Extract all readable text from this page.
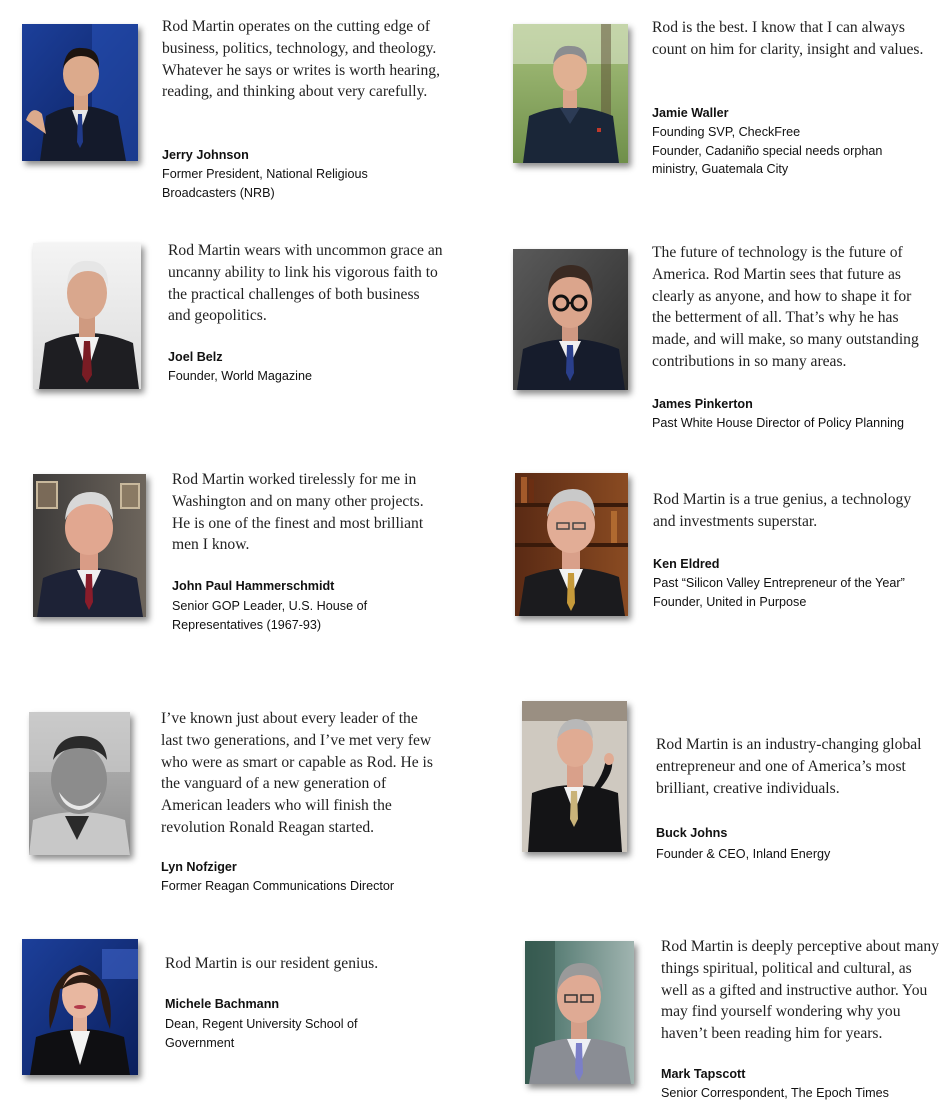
Rod Martin operates on the cutting edge of business, politics, technology, and theology. Whatever he says or writes is worth hearing, reading, and thinking about very carefully.

Jerry Johnson

Former President, National Religious Broadcasters (NRB)

Rod is the best. I know that I can always count on him for clarity, insight and values.

Jamie Waller

Founding SVP, CheckFree
Founder, Cadaniño special needs orphan ministry, Guatemala City

Rod Martin wears with uncommon grace an uncanny ability to link his vigorous faith to the practical challenges of both business and geopolitics.

Joel Belz

Founder, World Magazine

The future of technology is the future of America. Rod Martin sees that future as clearly as anyone, and how to shape it for the betterment of all. That’s why he has made, and will make, so many outstanding contributions in so many areas.

James Pinkerton

Past White House Director of Policy Planning

Rod Martin worked tirelessly for me in Washington and on many other projects. He is one of the finest and most brilliant men I know.

John Paul Hammerschmidt

Senior GOP Leader, U.S. House of Representatives (1967-93)

Rod Martin is a true genius, a technology and investments superstar.

Ken Eldred

Past “Silicon Valley Entrepreneur of the Year”
Founder, United in Purpose

I’ve known just about every leader of the last two generations, and I’ve met very few who were as smart or capable as Rod. He is the vanguard of a new generation of American leaders who will finish the revolution Ronald Reagan started.

Lyn Nofziger

Former Reagan Communications Director

Rod Martin is an industry-changing global entrepreneur and one of America’s most brilliant, creative individuals.

Buck Johns

Founder & CEO, Inland Energy

Rod Martin is our resident genius.

Michele Bachmann

Dean, Regent University School of Government

Rod Martin is deeply perceptive about many things spiritual, political and cultural, as well as a gifted and instructive author. You may find yourself wondering why you haven’t been reading him for years.

Mark Tapscott

Senior Correspondent, The Epoch Times
